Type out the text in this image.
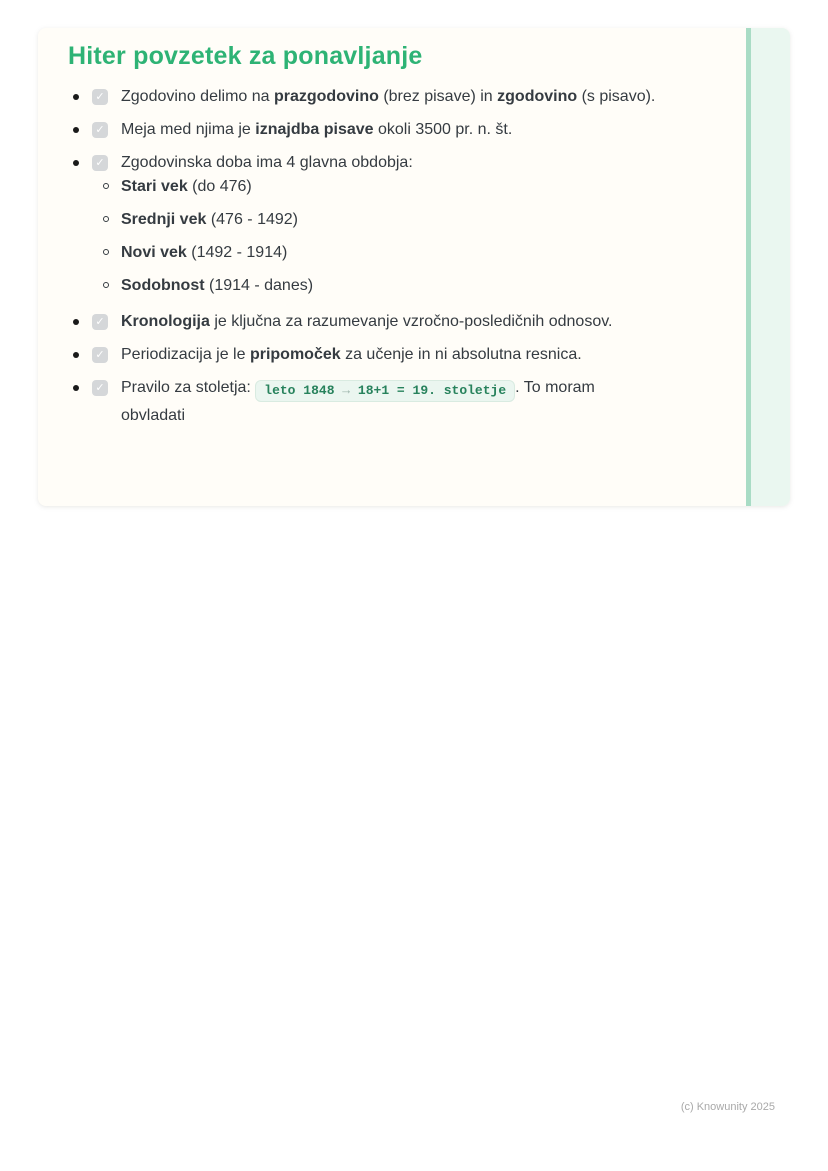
Hiter povzetek za ponavljanje
✓ Zgodovino delimo na prazgodovino (brez pisave) in zgodovino (s pisavo).
✓ Meja med njima je iznajdba pisave okoli 3500 pr. n. št.
✓ Zgodovinska doba ima 4 glavna obdobja:
Stari vek (do 476)
Srednji vek (476 - 1492)
Novi vek (1492 - 1914)
Sodobnost (1914 - danes)
✓ Kronologija je ključna za razumevanje vzročno-posledičnih odnosov.
✓ Periodizacija je le pripomoček za učenje in ni absolutna resnica.
✓ Pravilo za stoletja: leto 1848 → 18+1 = 19. stoletje . To moram obvladati
(c) Knowunity 2025
